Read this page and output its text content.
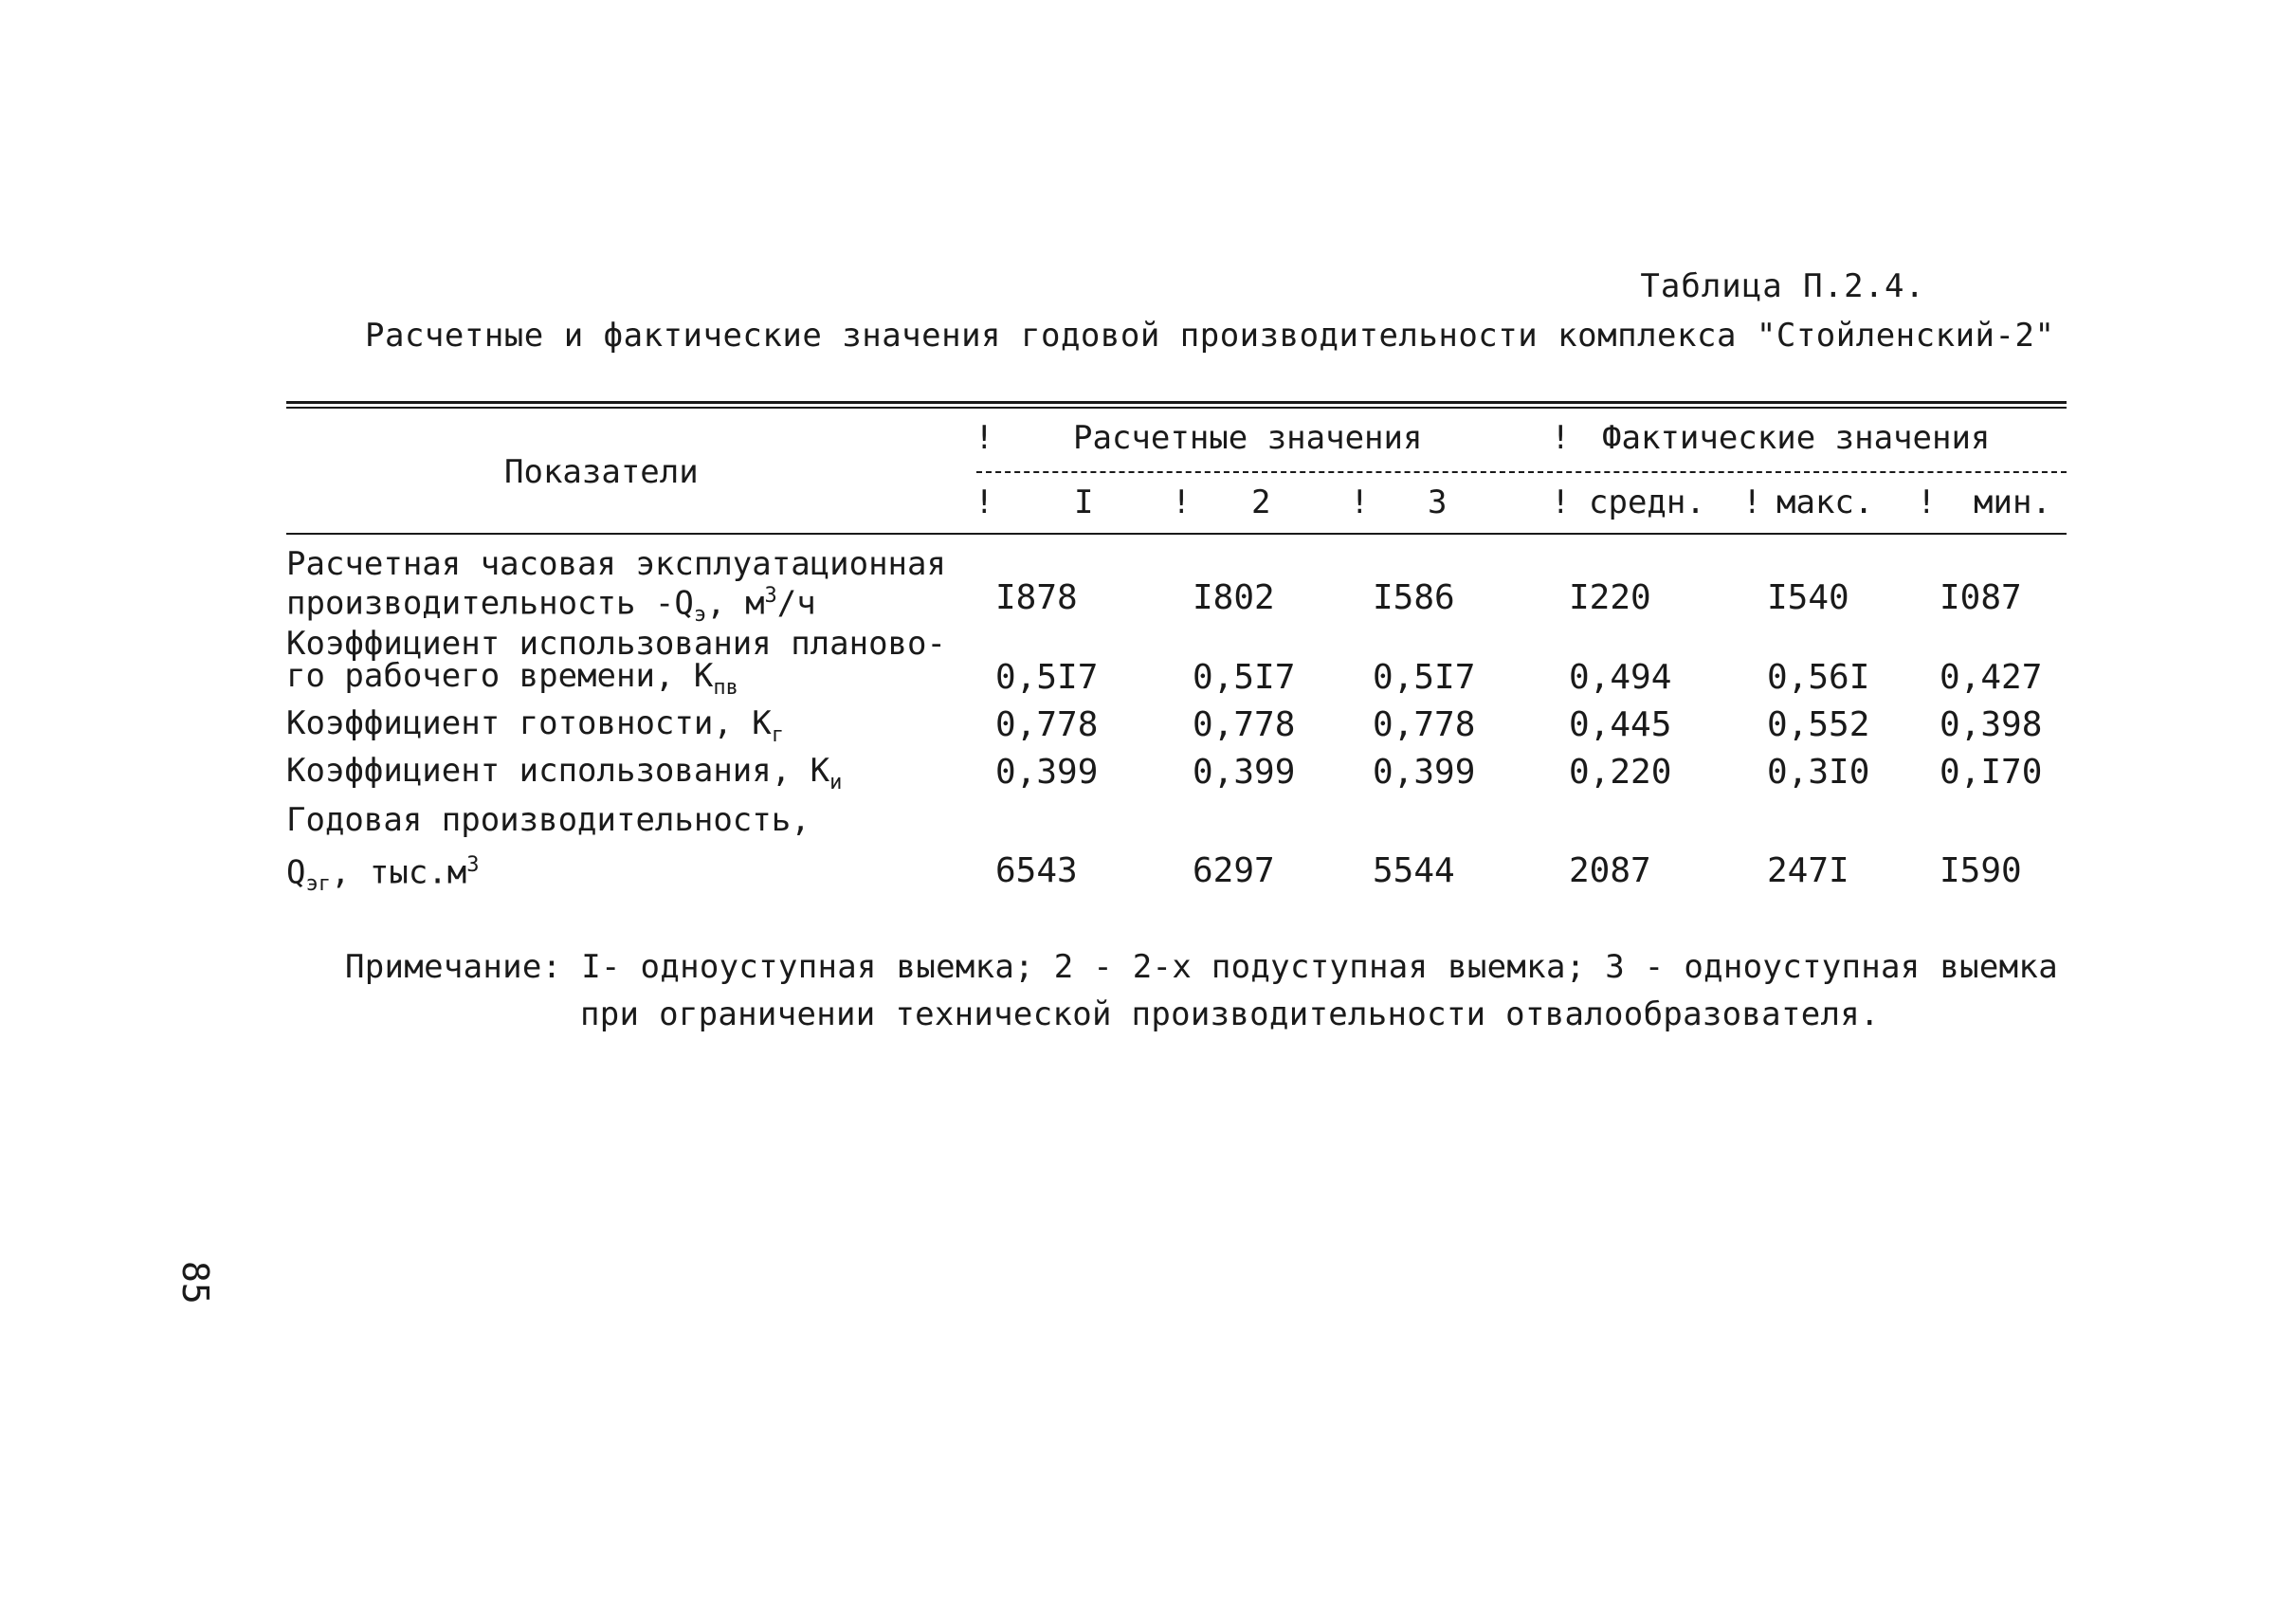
Таблица П.2.4.
Расчетные и фактические значения годовой производительности комплекса "Стойленский-2"
Показатели
! Расчетные значения	! Фактические значения
! I ! 2 ! 3	! средн. ! макс. ! мин.
Расчетная часовая эксплуатационная
производительность $-Q_э$, $м^3/ч$	I878	I802	I586	I220	I540	I087
Коэффициент использования планово-
го рабочего времени, $К_{пв}$	0,5I7	0,5I7 0,5I7	0,494	0,56I 0,427
Коэффициент готовности, $К_г$	0,778	0,778 0,778	0,445	0,552 0,398
Коэффициент использования, $К_и$	0,399	0,399 0,399	0,220	0,3I0 0,I70
Годовая производительность,
$Q_{эг}$, $тыс.м^3$	6543	6297	5544	2087	247I	I590
Примечание: I- одноуступная выемка; 2 - 2-х подуступная выемка; 3 - одноуступная выемка
при ограничении технической производительности отвалообразователя.
85
